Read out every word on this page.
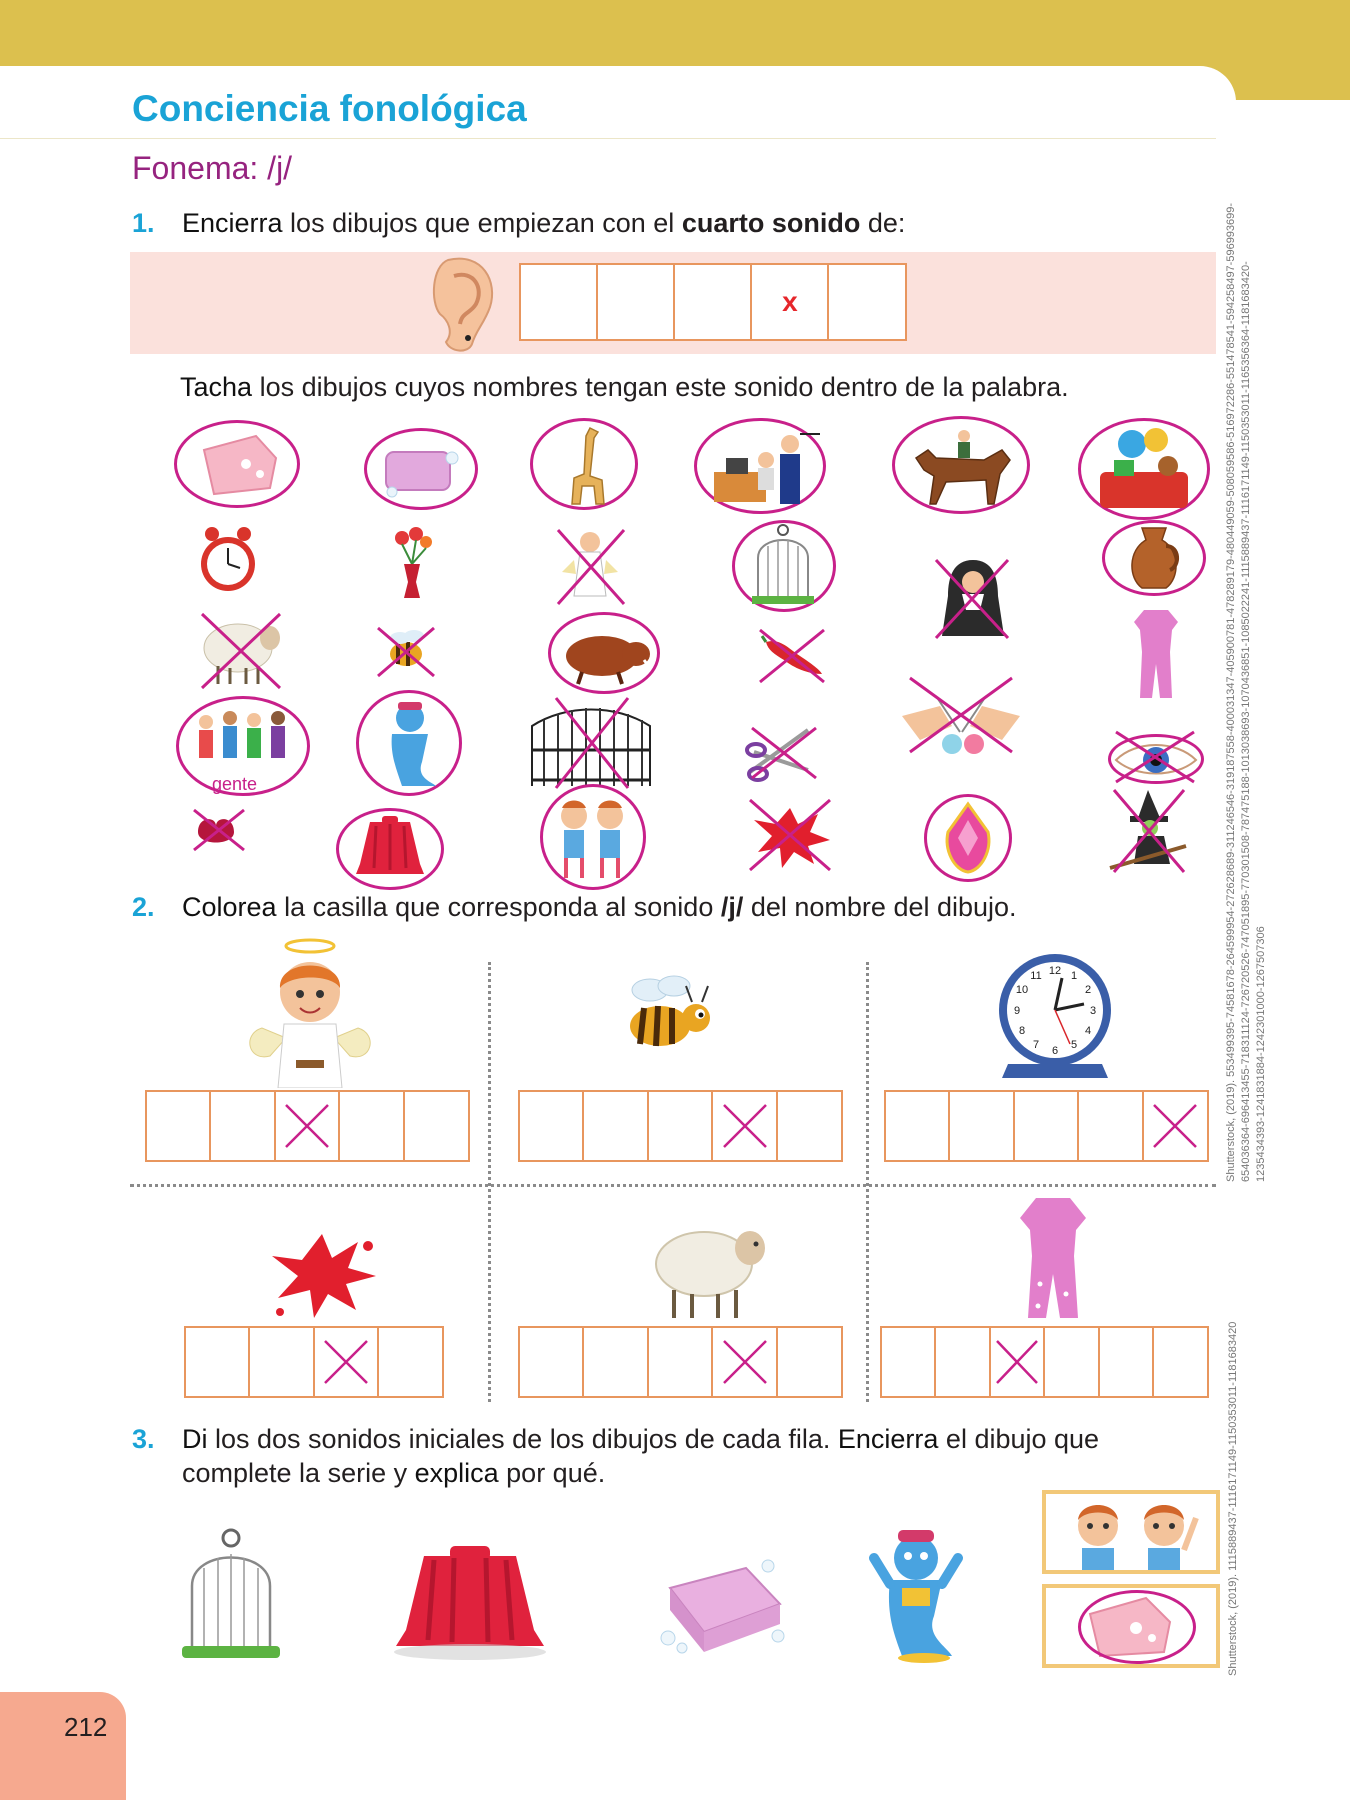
Conciencia fonológica
Fonema: /j/
1. Encierra los dibujos que empiezan con el cuarto sonido de:
x
Tacha los dibujos cuyos nombres tengan este sonido dentro de la palabra.
gente
2. Colorea la casilla que corresponda al sonido /j/ del nombre del dibujo.
12 1
2
3
4
5
6
7
8
9
10
11
3. Di los dos sonidos iniciales de los dibujos de cada fila. Encierra el dibujo que
complete la serie y explica por qué.
Shutterstock, (2019). 553499395-74581678-264599954-272628689-311246546-319187558-400031347-405900781-478289179-480449059-508059586-516972286-551478541-594258497-596993699- 654036364-696413455-718311124-726720526-747051895-770301508-787475188-1013038693-1070436851-1085022241-1115889437-1116171149-1150353011-1165356364-1181683420- 1235434393-1241831884-1242301000-1267507306
Shutterstock, (2019). 1115889437-1116171149-1150353011-1181683420
212
